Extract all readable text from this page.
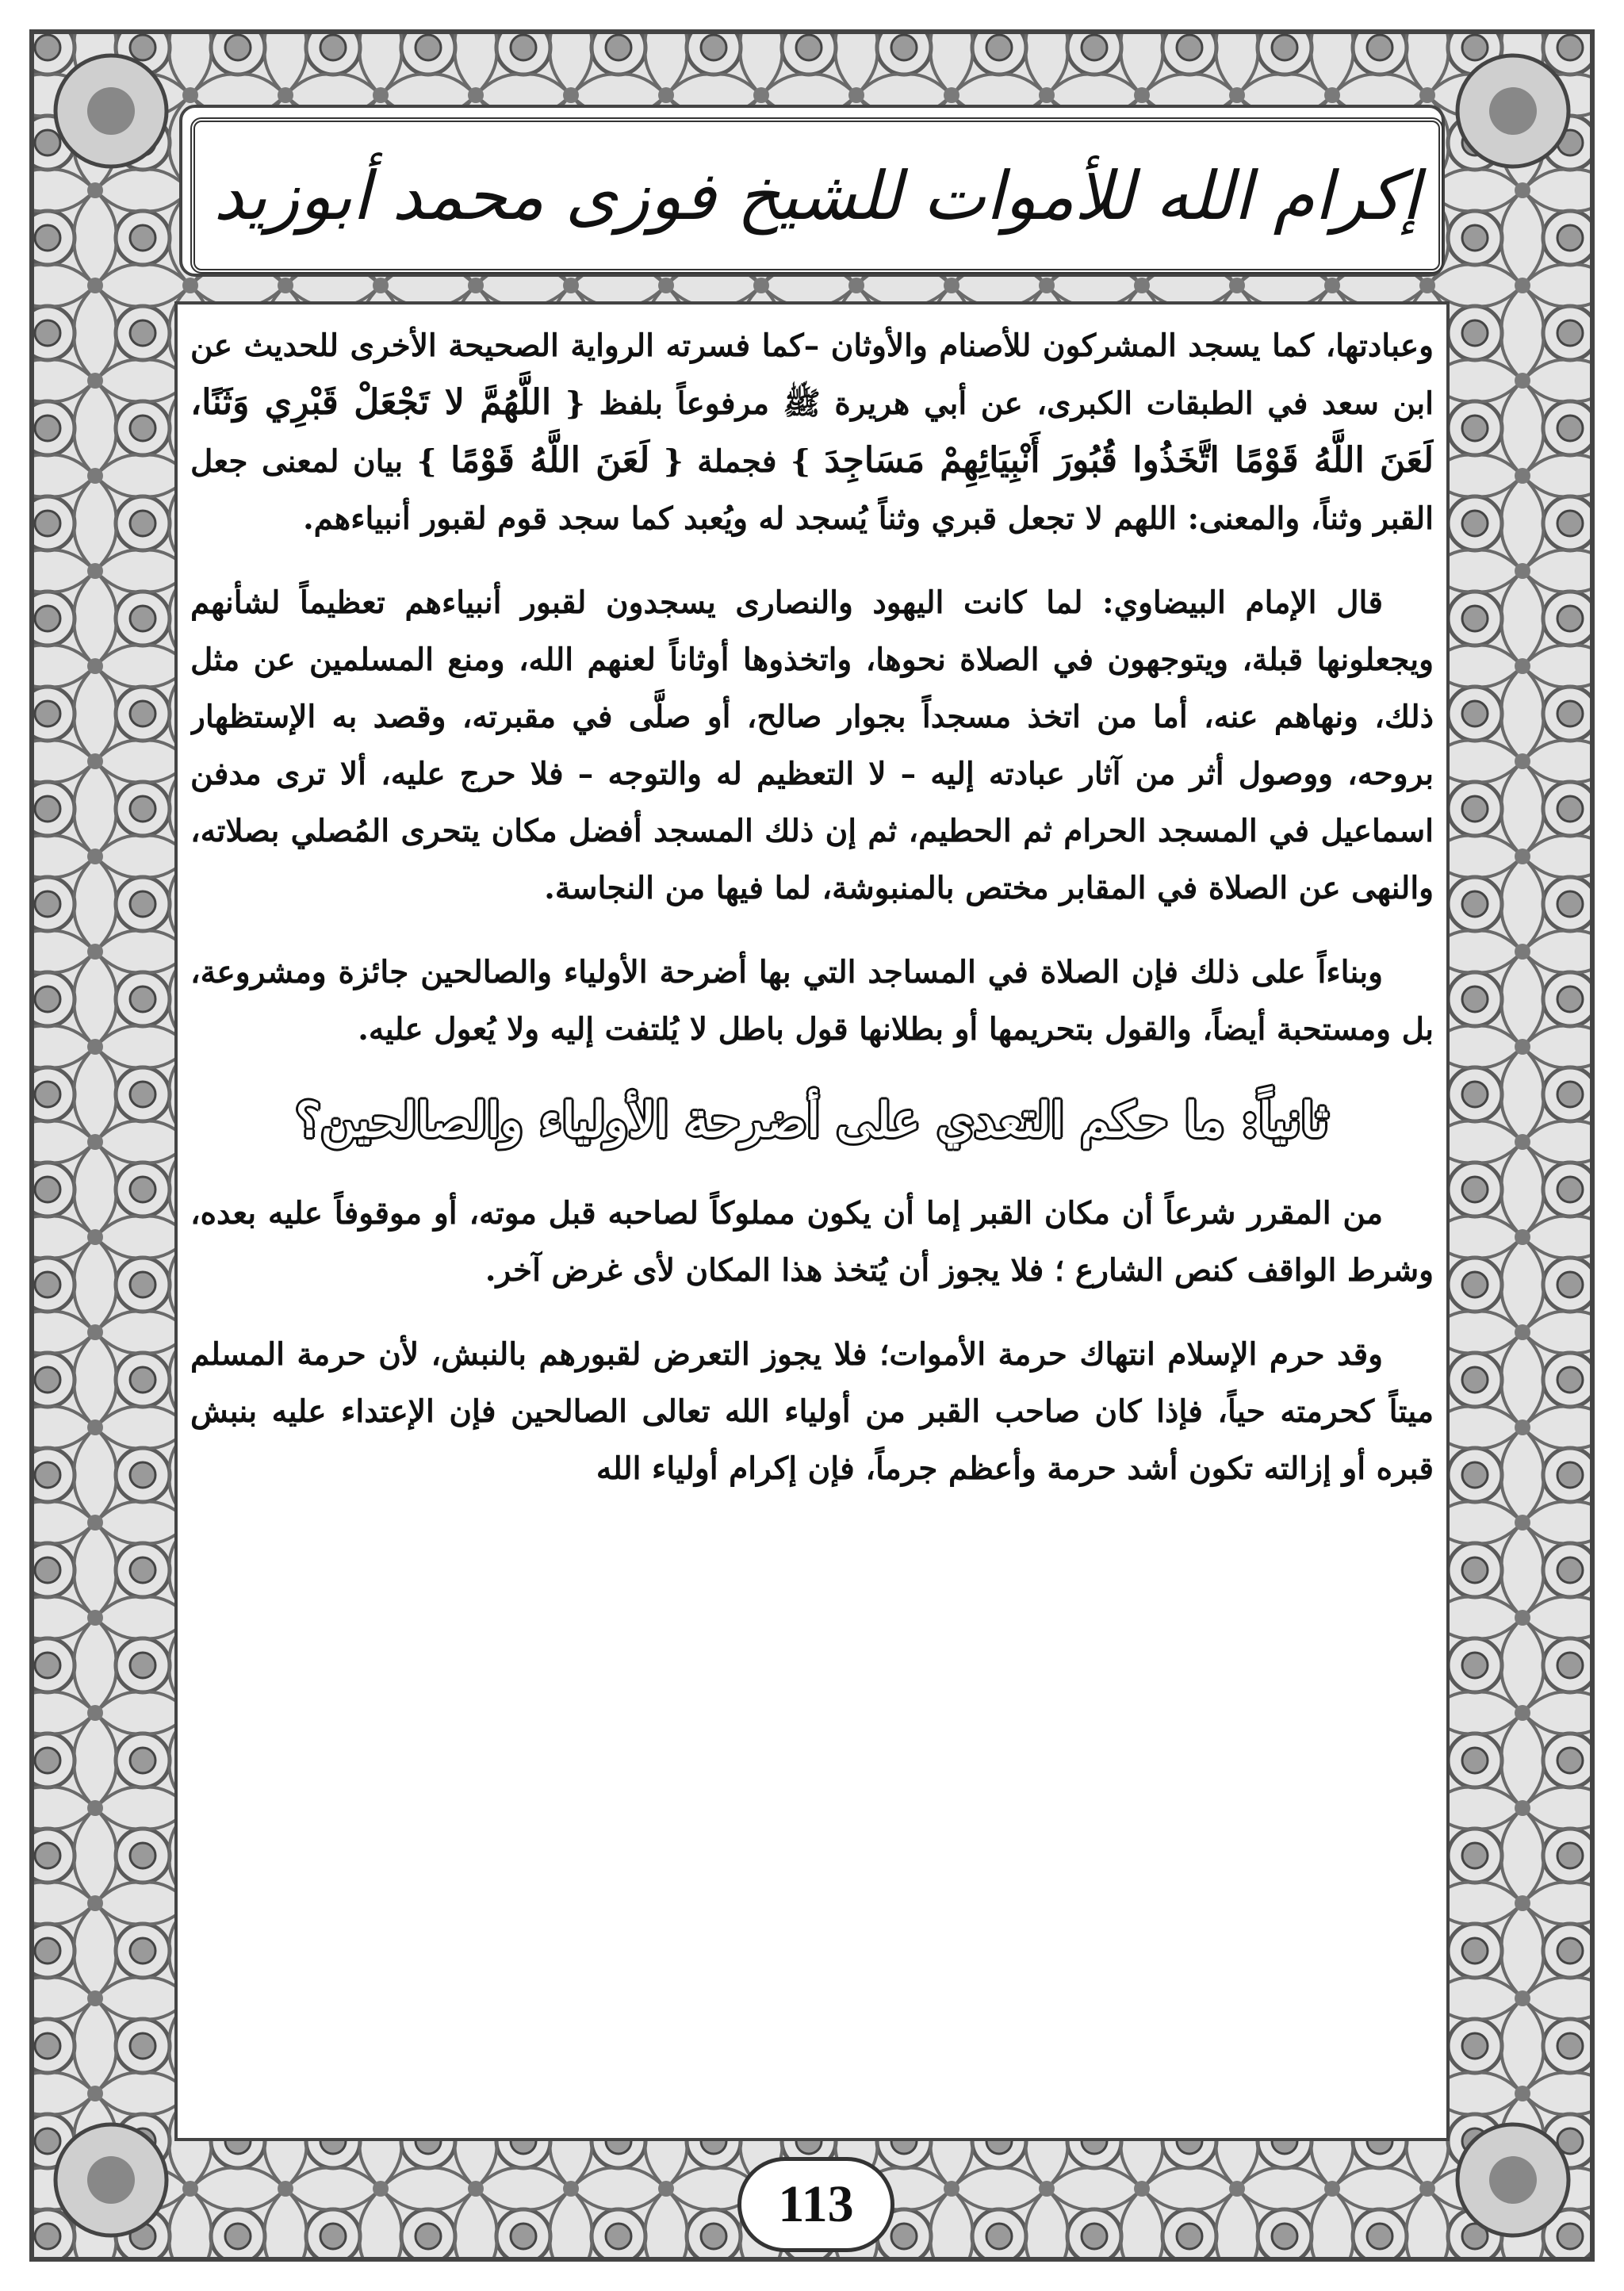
إكرام الله للأموات للشيخ فوزى محمد أبوزيد

وعبادتها، كما يسجد المشركون للأصنام والأوثان –كما فسرته الرواية الصحيحة الأخرى للحديث عن ابن سعد في الطبقات الكبرى، عن أبي هريرة ﷺ مرفوعاً بلفظ { اللَّهُمَّ لا تَجْعَلْ قَبْرِي وَثَنًا، لَعَنَ اللَّهُ قَوْمًا اتَّخَذُوا قُبُورَ أَنْبِيَائِهِمْ مَسَاجِدَ } فجملة { لَعَنَ اللَّهُ قَوْمًا } بيان لمعنى جعل القبر وثناً، والمعنى: اللهم لا تجعل قبري وثناً يُسجد له ويُعبد كما سجد قوم لقبور أنبياءهم.

قال الإمام البيضاوي: لما كانت اليهود والنصارى يسجدون لقبور أنبياءهم تعظيماً لشأنهم ويجعلونها قبلة، ويتوجهون في الصلاة نحوها، واتخذوها أوثاناً لعنهم الله، ومنع المسلمين عن مثل ذلك، ونهاهم عنه، أما من اتخذ مسجداً بجوار صالح، أو صلَّى في مقبرته، وقصد به الإستظهار بروحه، ووصول أثر من آثار عبادته إليه – لا التعظيم له والتوجه – فلا حرج عليه، ألا ترى مدفن اسماعيل في المسجد الحرام ثم الحطيم، ثم إن ذلك المسجد أفضل مكان يتحرى المُصلي بصلاته، والنهى عن الصلاة في المقابر مختص بالمنبوشة، لما فيها من النجاسة.

وبناءاً على ذلك فإن الصلاة في المساجد التي بها أضرحة الأولياء والصالحين جائزة ومشروعة، بل ومستحبة أيضاً، والقول بتحريمها أو بطلانها قول باطل لا يُلتفت إليه ولا يُعول عليه.

ثانياً: ما حكم التعدي على أضرحة الأولياء والصالحين؟

من المقرر شرعاً أن مكان القبر إما أن يكون مملوكاً لصاحبه قبل موته، أو موقوفاً عليه بعده، وشرط الواقف كنص الشارع ؛ فلا يجوز أن يُتخذ هذا المكان لأى غرض آخر.

وقد حرم الإسلام انتهاك حرمة الأموات؛ فلا يجوز التعرض لقبورهم بالنبش، لأن حرمة المسلم ميتاً كحرمته حياً، فإذا كان صاحب القبر من أولياء الله تعالى الصالحين فإن الإعتداء عليه بنبش قبره أو إزالته تكون أشد حرمة وأعظم جرماً، فإن إكرام أولياء الله

113
